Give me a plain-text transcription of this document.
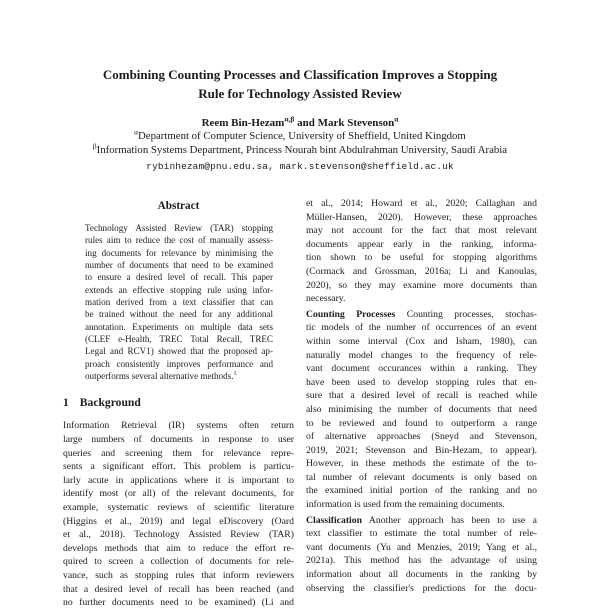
Combining Counting Processes and Classification Improves a Stopping
Rule for Technology Assisted Review
Reem Bin-Hezam$^{\alpha,\beta}$ and Mark Stevenson$^\alpha$
$^\alpha$Department of Computer Science, University of Sheffield, United Kingdom
$^\beta$Information Systems Department, Princess Nourah bint Abdulrahman University, Saudi Arabia
rybinhezam@pnu.edu.sa, mark.stevenson@sheffield.ac.uk
Abstract
Technology Assisted Review (TAR) stopping
rules aim to reduce the cost of manually assess-
ing documents for relevance by minimising the
number of documents that need to be examined
to ensure a desired level of recall. This paper
extends an effective stopping rule using infor-
mation derived from a text classifier that can
be trained without the need for any additional
annotation. Experiments on multiple data sets
(CLEF e-Health, TREC Total Recall, TREC
Legal and RCV1) showed that the proposed ap-
proach consistently improves performance and
outperforms several alternative methods.$^1$
1 Background
Information Retrieval (IR) systems often return
large numbers of documents in response to user
queries and screening them for relevance repre-
sents a significant effort. This problem is particu-
larly acute in applications where it is important to
identify most (or all) of the relevant documents, for
example, systematic reviews of scientific literature
(Higgins et al., 2019) and legal eDiscovery (Oard
et al., 2018). Technology Assisted Review (TAR)
develops methods that aim to reduce the effort re-
quired to screen a collection of documents for rele-
vance, such as stopping rules that inform reviewers
that a desired level of recall has been reached (and
no further documents need to be examined) (Li and
et al., 2014; Howard et al., 2020; Callaghan and
Müller-Hansen, 2020). However, these approaches
may not account for the fact that most relevant
documents appear early in the ranking, informa-
tion shown to be useful for stopping algorithms
(Cormack and Grossman, 2016a; Li and Kanoulas,
2020), so they may examine more documents than
necessary.
Counting Processes Counting processes, stochas-
tic models of the number of occurrences of an event
within some interval (Cox and Isham, 1980), can
naturally model changes to the frequency of rele-
vant document occurances within a ranking. They
have been used to develop stopping rules that en-
sure that a desired level of recall is reached while
also minimising the number of documents that need
to be reviewed and found to outperform a range
of alternative approaches (Sneyd and Stevenson,
2019, 2021; Stevenson and Bin-Hezam, to appear).
However, in these methods the estimate of the to-
tal number of relevant documents is only based on
the examined initial portion of the ranking and no
information is used from the remaining documents.
Classification Another approach has been to use a
text classifier to estimate the total number of rele-
vant documents (Yu and Menzies, 2019; Yang et al.,
2021a). This method has the advantage of using
information about all documents in the ranking by
observing the classifier's predictions for the docu-
